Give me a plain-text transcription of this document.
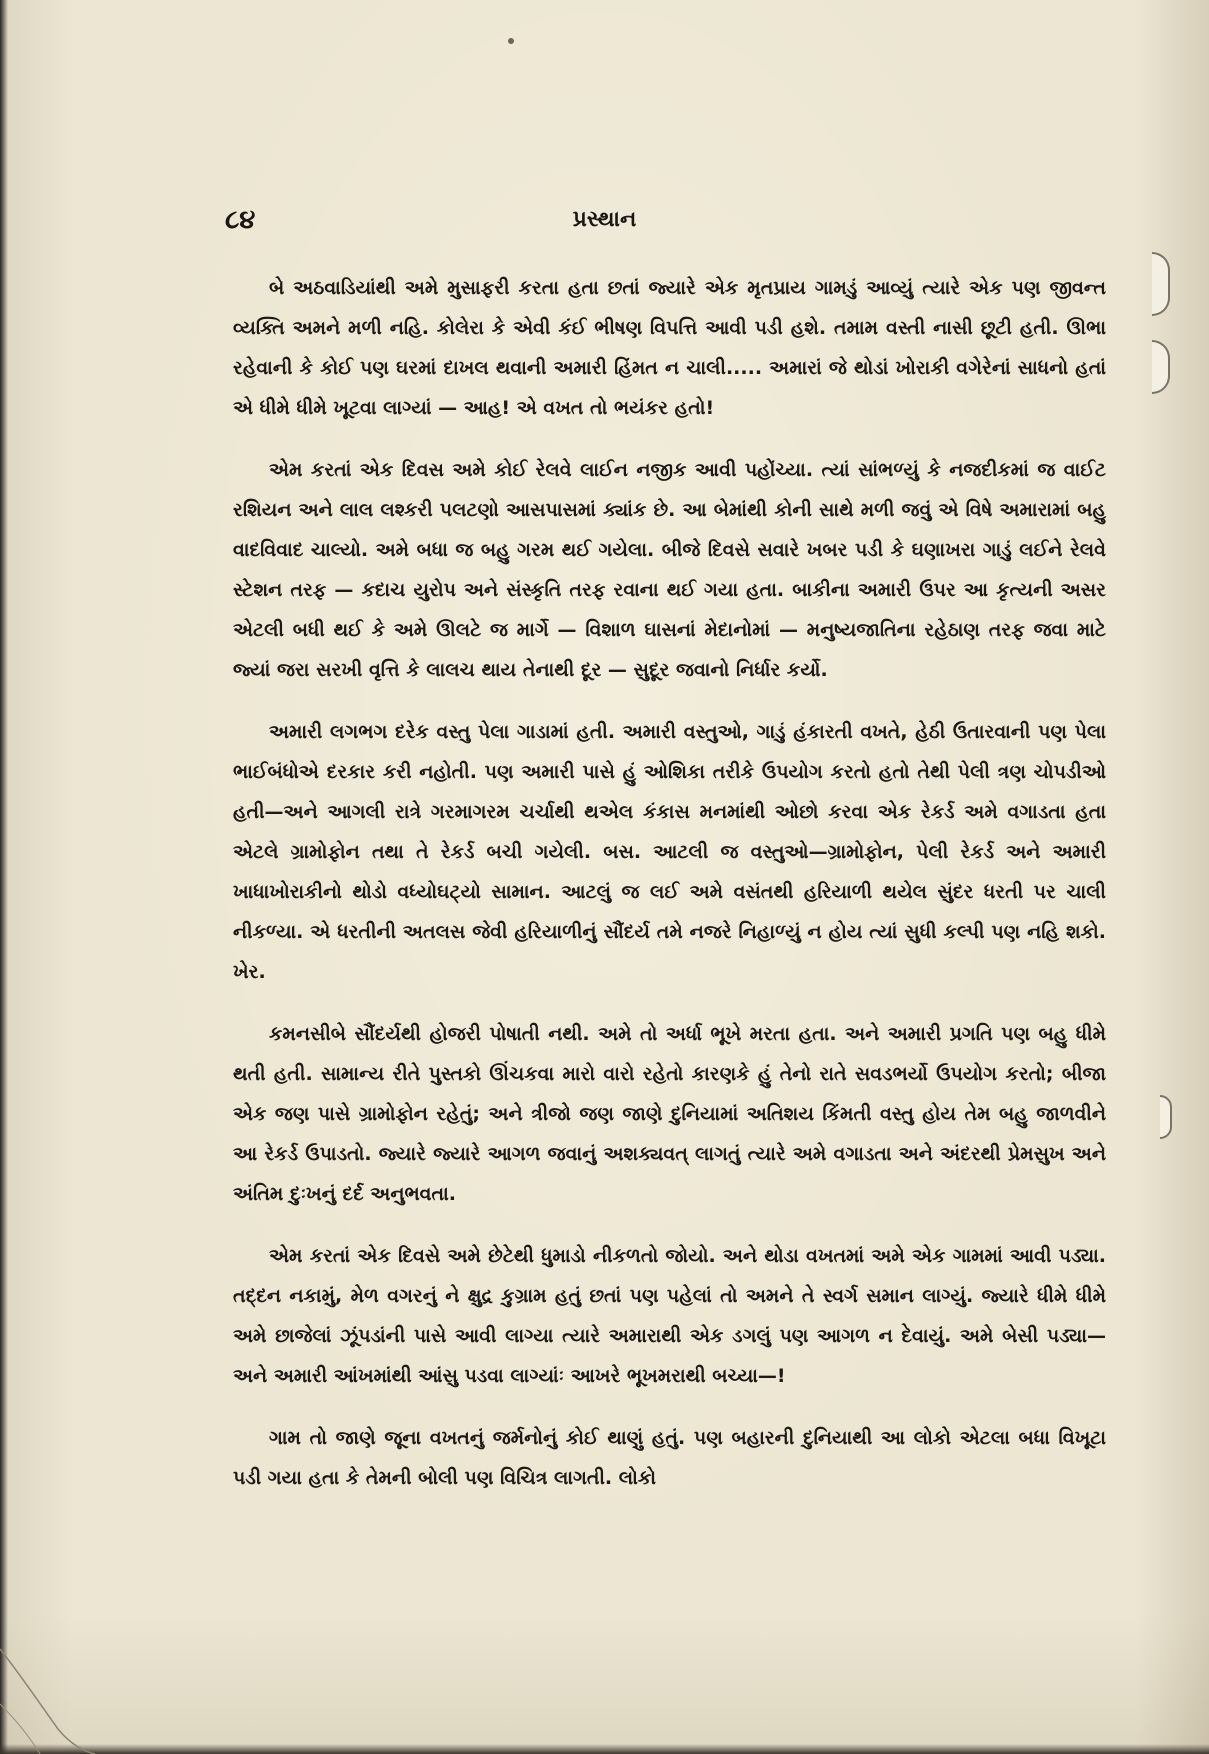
૮૪	પ્રસ્થાન

બે અઠવાડિયાંથી અમે મુસાફરી કરતા હતા છતાં જ્યારે એક મૃતપ્રાય ગામડું આવ્યું ત્યારે એક પણ જીવન્ત વ્યક્તિ અમને મળી નહિ. કોલેરા કે એવી કંઈ ભીષણ વિપત્તિ આવી પડી હશે. તમામ વસ્તી નાસી છૂટી હતી. ઊભા રહેવાની કે કોઈ પણ ઘરમાં દાખલ થવાની અમારી હિંમત ન ચાલી..... અમારાં જે થોડાં ખોરાકી વગેરેનાં સાધનો હતાં એ ધીમે ધીમે ખૂટવા લાગ્યાં — આહ! એ વખત તો ભયંકર હતો!

એમ કરતાં એક દિવસ અમે કોઈ રેલવે લાઈન નજીક આવી પહોંચ્યા. ત્યાં સાંભળ્યું કે નજદીકમાં જ વાઈટ રશિયન અને લાલ લશ્કરી પલટણો આસપાસમાં ક્યાંક છે. આ બેમાંથી કોની સાથે મળી જવું એ વિષે અમારામાં બહુ વાદવિવાદ ચાલ્યો. અમે બધા જ બહુ ગરમ થઈ ગયેલા. બીજે દિવસે સવારે ખબર પડી કે ઘણાખરા ગાડું લઈને રેલવે સ્ટેશન તરફ — કદાચ યુરોપ અને સંસ્કૃતિ તરફ રવાના થઈ ગયા હતા. બાકીના અમારી ઉપર આ કૃત્યની અસર એટલી બધી થઈ કે અમે ઊલટે જ માર્ગે — વિશાળ ઘાસનાં મેદાનોમાં — મનુષ્યજાતિના રહેઠાણ તરફ જવા માટે જ્યાં જરા સરખી વૃત્તિ કે લાલચ થાય તેનાથી દૂર — સુદૂર જવાનો નિર્ધાર કર્યો.

અમારી લગભગ દરેક વસ્તુ પેલા ગાડામાં હતી. અમારી વસ્તુઓ, ગાડું હંકારતી વખતે, હેઠી ઉતારવાની પણ પેલા ભાઈબંધોએ દરકાર કરી નહોતી. પણ અમારી પાસે હું ઓશિકા તરીકે ઉપયોગ કરતો હતો તેથી પેલી ત્રણ ચોપડીઓ હતી—અને આગલી રાત્રે ગરમાગરમ ચર્ચાથી થએલ કંકાસ મનમાંથી ઓછો કરવા એક રેકર્ડ અમે વગાડતા હતા એટલે ગ્રામોફોન તથા તે રેકર્ડ બચી ગયેલી. બસ. આટલી જ વસ્તુઓ—ગ્રામોફોન, પેલી રેકર્ડ અને અમારી ખાધાખોરાકીનો થોડો વધ્યોઘટ્યો સામાન. આટલું જ લઈ અમે વસંતથી હરિયાળી થયેલ સુંદર ધરતી પર ચાલી નીકળ્યા. એ ધરતીની અતલસ જેવી હરિયાળીનું સૌંદર્ય તમે નજરે નિહાળ્યું ન હોય ત્યાં સુધી કલ્પી પણ નહિ શકો. ખેર.

કમનસીબે સૌંદર્યથી હોજરી પોષાતી નથી. અમે તો અર્ધા ભૂખે મરતા હતા. અને અમારી પ્રગતિ પણ બહુ ધીમે થતી હતી. સામાન્ય રીતે પુસ્તકો ઊંચકવા મારો વારો રહેતો કારણકે હું તેનો રાતે સવડભર્યો ઉપયોગ કરતો; બીજા એક જણ પાસે ગ્રામોફોન રહેતું; અને ત્રીજો જણ જાણે દુનિયામાં અતિશય કિંમતી વસ્તુ હોય તેમ બહુ જાળવીને આ રેકર્ડ ઉપાડતો. જ્યારે જ્યારે આગળ જવાનું અશક્યવત્ લાગતું ત્યારે અમે વગાડતા અને અંદરથી પ્રેમસુખ અને અંતિમ દુઃખનું દર્દ અનુભવતા.

એમ કરતાં એક દિવસે અમે છેટેથી ધુમાડો નીકળતો જોયો. અને થોડા વખતમાં અમે એક ગામમાં આવી પડ્યા. તદ્દન નકામું, મેળ વગરનું ને ક્ષુદ્ર કુગ્રામ હતું છતાં પણ પહેલાં તો અમને તે સ્વર્ગ સમાન લાગ્યું. જ્યારે ધીમે ધીમે અમે છાજેલાં ઝૂંપડાંની પાસે આવી લાગ્યા ત્યારે અમારાથી એક ડગલું પણ આગળ ન દેવાયું. અમે બેસી પડ્યા—અને અમારી આંખમાંથી આંસુ પડવા લાગ્યાંઃ આખરે ભૂખમરાથી બચ્યા—!

ગામ તો જાણે જૂના વખતનું જર્મનોનું કોઈ થાણું હતું. પણ બહારની દુનિયાથી આ લોકો એટલા બધા વિખૂટા પડી ગયા હતા કે તેમની બોલી પણ વિચિત્ર લાગતી. લોકો
